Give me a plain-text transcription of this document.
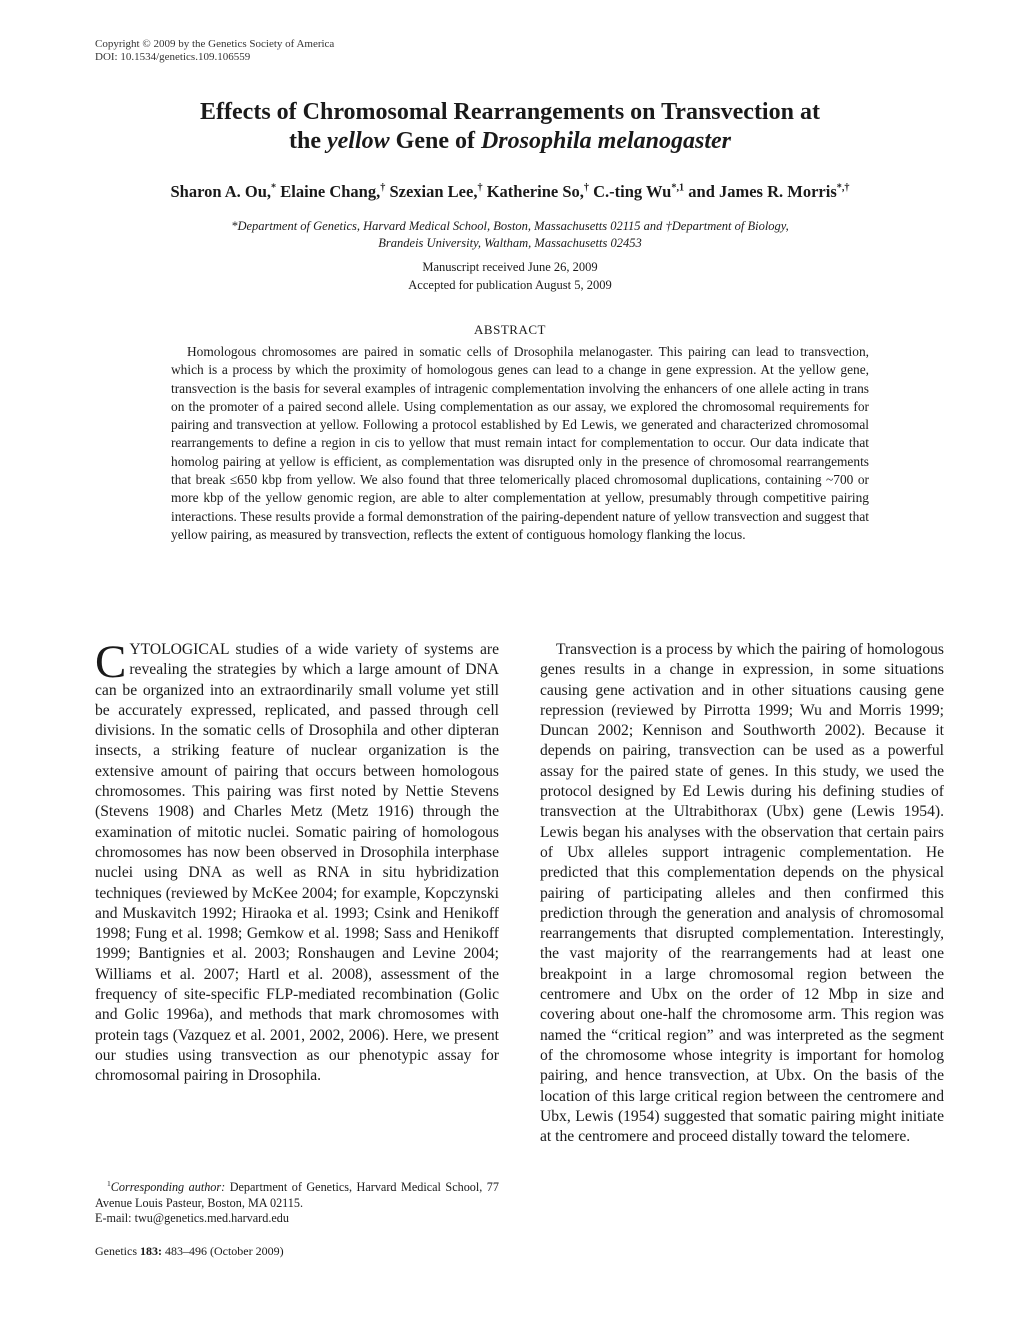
Copyright © 2009 by the Genetics Society of America
DOI: 10.1534/genetics.109.106559
Effects of Chromosomal Rearrangements on Transvection at
the yellow Gene of Drosophila melanogaster
Sharon A. Ou,* Elaine Chang,† Szexian Lee,† Katherine So,† C.-ting $Wu^{*,1}$ and James R. Morris*,†
*Department of Genetics, Harvard Medical School, Boston, Massachusetts 02115 and †Department of Biology,
Brandeis University, Waltham, Massachusetts 02453
Manuscript received June 26, 2009
Accepted for publication August 5, 2009
ABSTRACT
Homologous chromosomes are paired in somatic cells of Drosophila melanogaster. This pairing can lead to transvection, which is a process by which the proximity of homologous genes can lead to a change in gene expression. At the yellow gene, transvection is the basis for several examples of intragenic complementation involving the enhancers of one allele acting in trans on the promoter of a paired second allele. Using complementation as our assay, we explored the chromosomal requirements for pairing and transvection at yellow. Following a protocol established by Ed Lewis, we generated and characterized chromosomal rearrangements to define a region in cis to yellow that must remain intact for complementation to occur. Our data indicate that homolog pairing at yellow is efficient, as complementation was disrupted only in the presence of chromosomal rearrangements that break ≤650 kbp from yellow. We also found that three telomerically placed chromosomal duplications, containing ~700 or more kbp of the yellow genomic region, are able to alter complementation at yellow, presumably through competitive pairing interactions. These results provide a formal demonstration of the pairing-dependent nature of yellow transvection and suggest that yellow pairing, as measured by transvection, reflects the extent of contiguous homology flanking the locus.

CYTOLOGICAL studies of a wide variety of systems are revealing the strategies by which a large amount of DNA can be organized into an extraordinarily small volume yet still be accurately expressed, replicated, and passed through cell divisions. In the somatic cells of Drosophila and other dipteran insects, a striking feature of nuclear organization is the extensive amount of pairing that occurs between homologous chromosomes. This pairing was first noted by Nettie Stevens (Stevens 1908) and Charles Metz (Metz 1916) through the examination of mitotic nuclei. Somatic pairing of homologous chromosomes has now been observed in Drosophila interphase nuclei using DNA as well as RNA in situ hybridization techniques (reviewed by McKee 2004; for example, Kopczynski and Muskavitch 1992; Hiraoka et al. 1993; Csink and Henikoff 1998; Fung et al. 1998; Gemkow et al. 1998; Sass and Henikoff 1999; Bantignies et al. 2003; Ronshaugen and Levine 2004; Williams et al. 2007; Hartl et al. 2008), assessment of the frequency of site-specific FLP-mediated recombination (Golic and Golic 1996a), and methods that mark chromosomes with protein tags (Vazquez et al. 2001, 2002, 2006). Here, we present our studies using transvection as our phenotypic assay for chromosomal pairing in Drosophila.

Transvection is a process by which the pairing of homologous genes results in a change in expression, in some situations causing gene activation and in other situations causing gene repression (reviewed by Pirrotta 1999; Wu and Morris 1999; Duncan 2002; Kennison and Southworth 2002). Because it depends on pairing, transvection can be used as a powerful assay for the paired state of genes. In this study, we used the protocol designed by Ed Lewis during his defining studies of transvection at the Ultrabithorax (Ubx) gene (Lewis 1954). Lewis began his analyses with the observation that certain pairs of Ubx alleles support intragenic complementation. He predicted that this complementation depends on the physical pairing of participating alleles and then confirmed this prediction through the generation and analysis of chromosomal rearrangements that disrupted complementation. Interestingly, the vast majority of the rearrangements had at least one breakpoint in a large chromosomal region between the centromere and Ubx on the order of 12 Mbp in size and covering about one-half the chromosome arm. This region was named the “critical region” and was interpreted as the segment of the chromosome whose integrity is important for homolog pairing, and hence transvection, at Ubx. On the basis of the location of this large critical region between the centromere and Ubx, Lewis (1954) suggested that somatic pairing might initiate at the centromere and proceed distally toward the telomere.

$^1$Corresponding author: Department of Genetics, Harvard Medical School, 77 Avenue Louis Pasteur, Boston, MA 02115.
E-mail: twu@genetics.med.harvard.edu
Genetics 183: 483–496 (October 2009)
